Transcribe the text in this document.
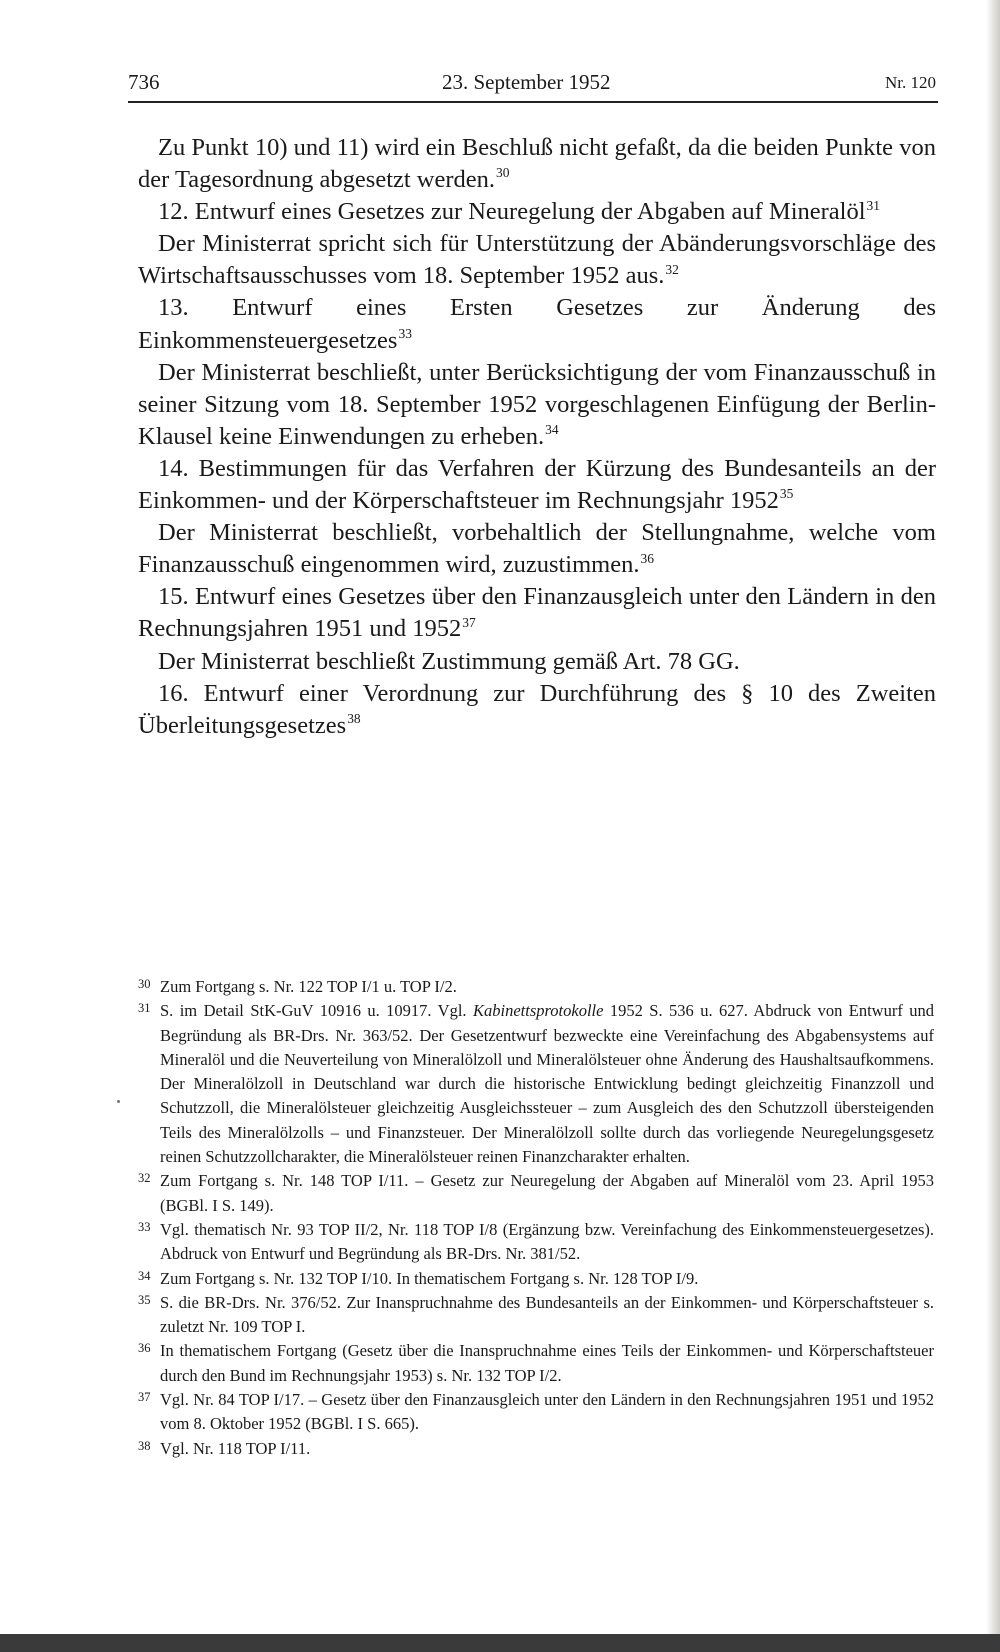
736	23. September 1952	Nr. 120

Zu Punkt 10) und 11) wird ein Beschluß nicht gefaßt, da die beiden Punkte von der Tagesordnung abgesetzt werden.$^{30}$

12. Entwurf eines Gesetzes zur Neuregelung der Abgaben auf Mineralöl$^{31}$

Der Ministerrat spricht sich für Unterstützung der Abänderungsvorschläge des Wirtschaftsausschusses vom 18. September 1952 aus.$^{32}$

13. Entwurf eines Ersten Gesetzes zur Änderung des Einkommensteuergesetzes$^{33}$

Der Ministerrat beschließt, unter Berücksichtigung der vom Finanzausschuß in seiner Sitzung vom 18. September 1952 vorgeschlagenen Einfügung der Berlin-Klausel keine Einwendungen zu erheben.$^{34}$

14. Bestimmungen für das Verfahren der Kürzung des Bundesanteils an der Einkommen- und der Körperschaftsteuer im Rechnungsjahr 1952$^{35}$

Der Ministerrat beschließt, vorbehaltlich der Stellungnahme, welche vom Finanzausschuß eingenommen wird, zuzustimmen.$^{36}$

15. Entwurf eines Gesetzes über den Finanzausgleich unter den Ländern in den Rechnungsjahren 1951 und 1952$^{37}$

Der Ministerrat beschließt Zustimmung gemäß Art. 78 GG.

16. Entwurf einer Verordnung zur Durchführung des § 10 des Zweiten Überleitungsgesetzes$^{38}$

30 Zum Fortgang s. Nr. 122 TOP I/1 u. TOP I/2.

31 S. im Detail StK-GuV 10916 u. 10917. Vgl. Kabinettsprotokolle 1952 S. 536 u. 627. Abdruck von Entwurf und Begründung als BR-Drs. Nr. 363/52. Der Gesetzentwurf bezweckte eine Vereinfachung des Abgabensystems auf Mineralöl und die Neuverteilung von Mineralölzoll und Mineralölsteuer ohne Änderung des Haushaltsaufkommens. Der Mineralölzoll in Deutschland war durch die historische Entwicklung bedingt gleichzeitig Finanzzoll und Schutzzoll, die Mineralölsteuer gleichzeitig Ausgleichssteuer – zum Ausgleich des den Schutzzoll übersteigenden Teils des Mineralölzolls – und Finanzsteuer. Der Mineralölzoll sollte durch das vorliegende Neuregelungsgesetz reinen Schutzzollcharakter, die Mineralölsteuer reinen Finanzcharakter erhalten.

32 Zum Fortgang s. Nr. 148 TOP I/11. – Gesetz zur Neuregelung der Abgaben auf Mineralöl vom 23. April 1953 (BGBl. I S. 149).

33 Vgl. thematisch Nr. 93 TOP II/2, Nr. 118 TOP I/8 (Ergänzung bzw. Vereinfachung des Einkommensteuergesetzes). Abdruck von Entwurf und Begründung als BR-Drs. Nr. 381/52.

34 Zum Fortgang s. Nr. 132 TOP I/10. In thematischem Fortgang s. Nr. 128 TOP I/9.

35 S. die BR-Drs. Nr. 376/52. Zur Inanspruchnahme des Bundesanteils an der Einkommen- und Körperschaftsteuer s. zuletzt Nr. 109 TOP I.

36 In thematischem Fortgang (Gesetz über die Inanspruchnahme eines Teils der Einkommen- und Körperschaftsteuer durch den Bund im Rechnungsjahr 1953) s. Nr. 132 TOP I/2.

37 Vgl. Nr. 84 TOP I/17. – Gesetz über den Finanzausgleich unter den Ländern in den Rechnungsjahren 1951 und 1952 vom 8. Oktober 1952 (BGBl. I S. 665).

38 Vgl. Nr. 118 TOP I/11.
